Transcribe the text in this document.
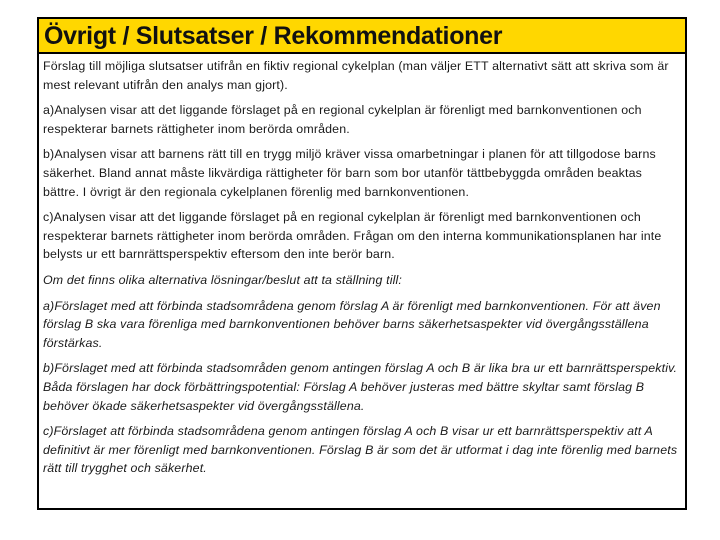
Övrigt / Slutsatser / Rekommendationer

Förslag till möjliga slutsatser utifrån en fiktiv regional cykelplan (man väljer ETT alternativt sätt att skriva som är mest relevant utifrån den analys man gjort).

a)Analysen visar att det liggande förslaget på en regional cykelplan är förenligt med barnkonventionen och respekterar barnets rättigheter inom berörda områden.

b)Analysen visar att barnens rätt till en trygg miljö kräver vissa omarbetningar i planen för att tillgodose barns säkerhet. Bland annat måste likvärdiga rättigheter för barn som bor utanför tättbebyggda områden beaktas bättre. I övrigt är den regionala cykelplanen förenlig med barnkonventionen.

c)Analysen visar att det liggande förslaget på en regional cykelplan är förenligt med barnkonventionen och respekterar barnets rättigheter inom berörda områden. Frågan om den interna kommunikationsplanen har inte belysts ur ett barnrättsperspektiv eftersom den inte berör barn.

Om det finns olika alternativa lösningar/beslut att ta ställning till:

a)Förslaget med att förbinda stadsområdena genom förslag A är förenligt med barnkonventionen. För att även förslag B ska vara förenliga med barnkonventionen behöver barns säkerhetsaspekter vid övergångsställena förstärkas.

b)Förslaget med att förbinda stadsområden genom antingen förslag A och B är lika bra ur ett barnrättsperspektiv. Båda förslagen har dock förbättringspotential: Förslag A behöver justeras med bättre skyltar samt förslag B behöver ökade säkerhetsaspekter vid övergångsställena.

c)Förslaget att förbinda stadsområdena genom antingen förslag A och B visar ur ett barnrättsperspektiv att A definitivt är mer förenligt med barnkonventionen. Förslag B är som det är utformat i dag inte förenlig med barnets rätt till trygghet och säkerhet.
